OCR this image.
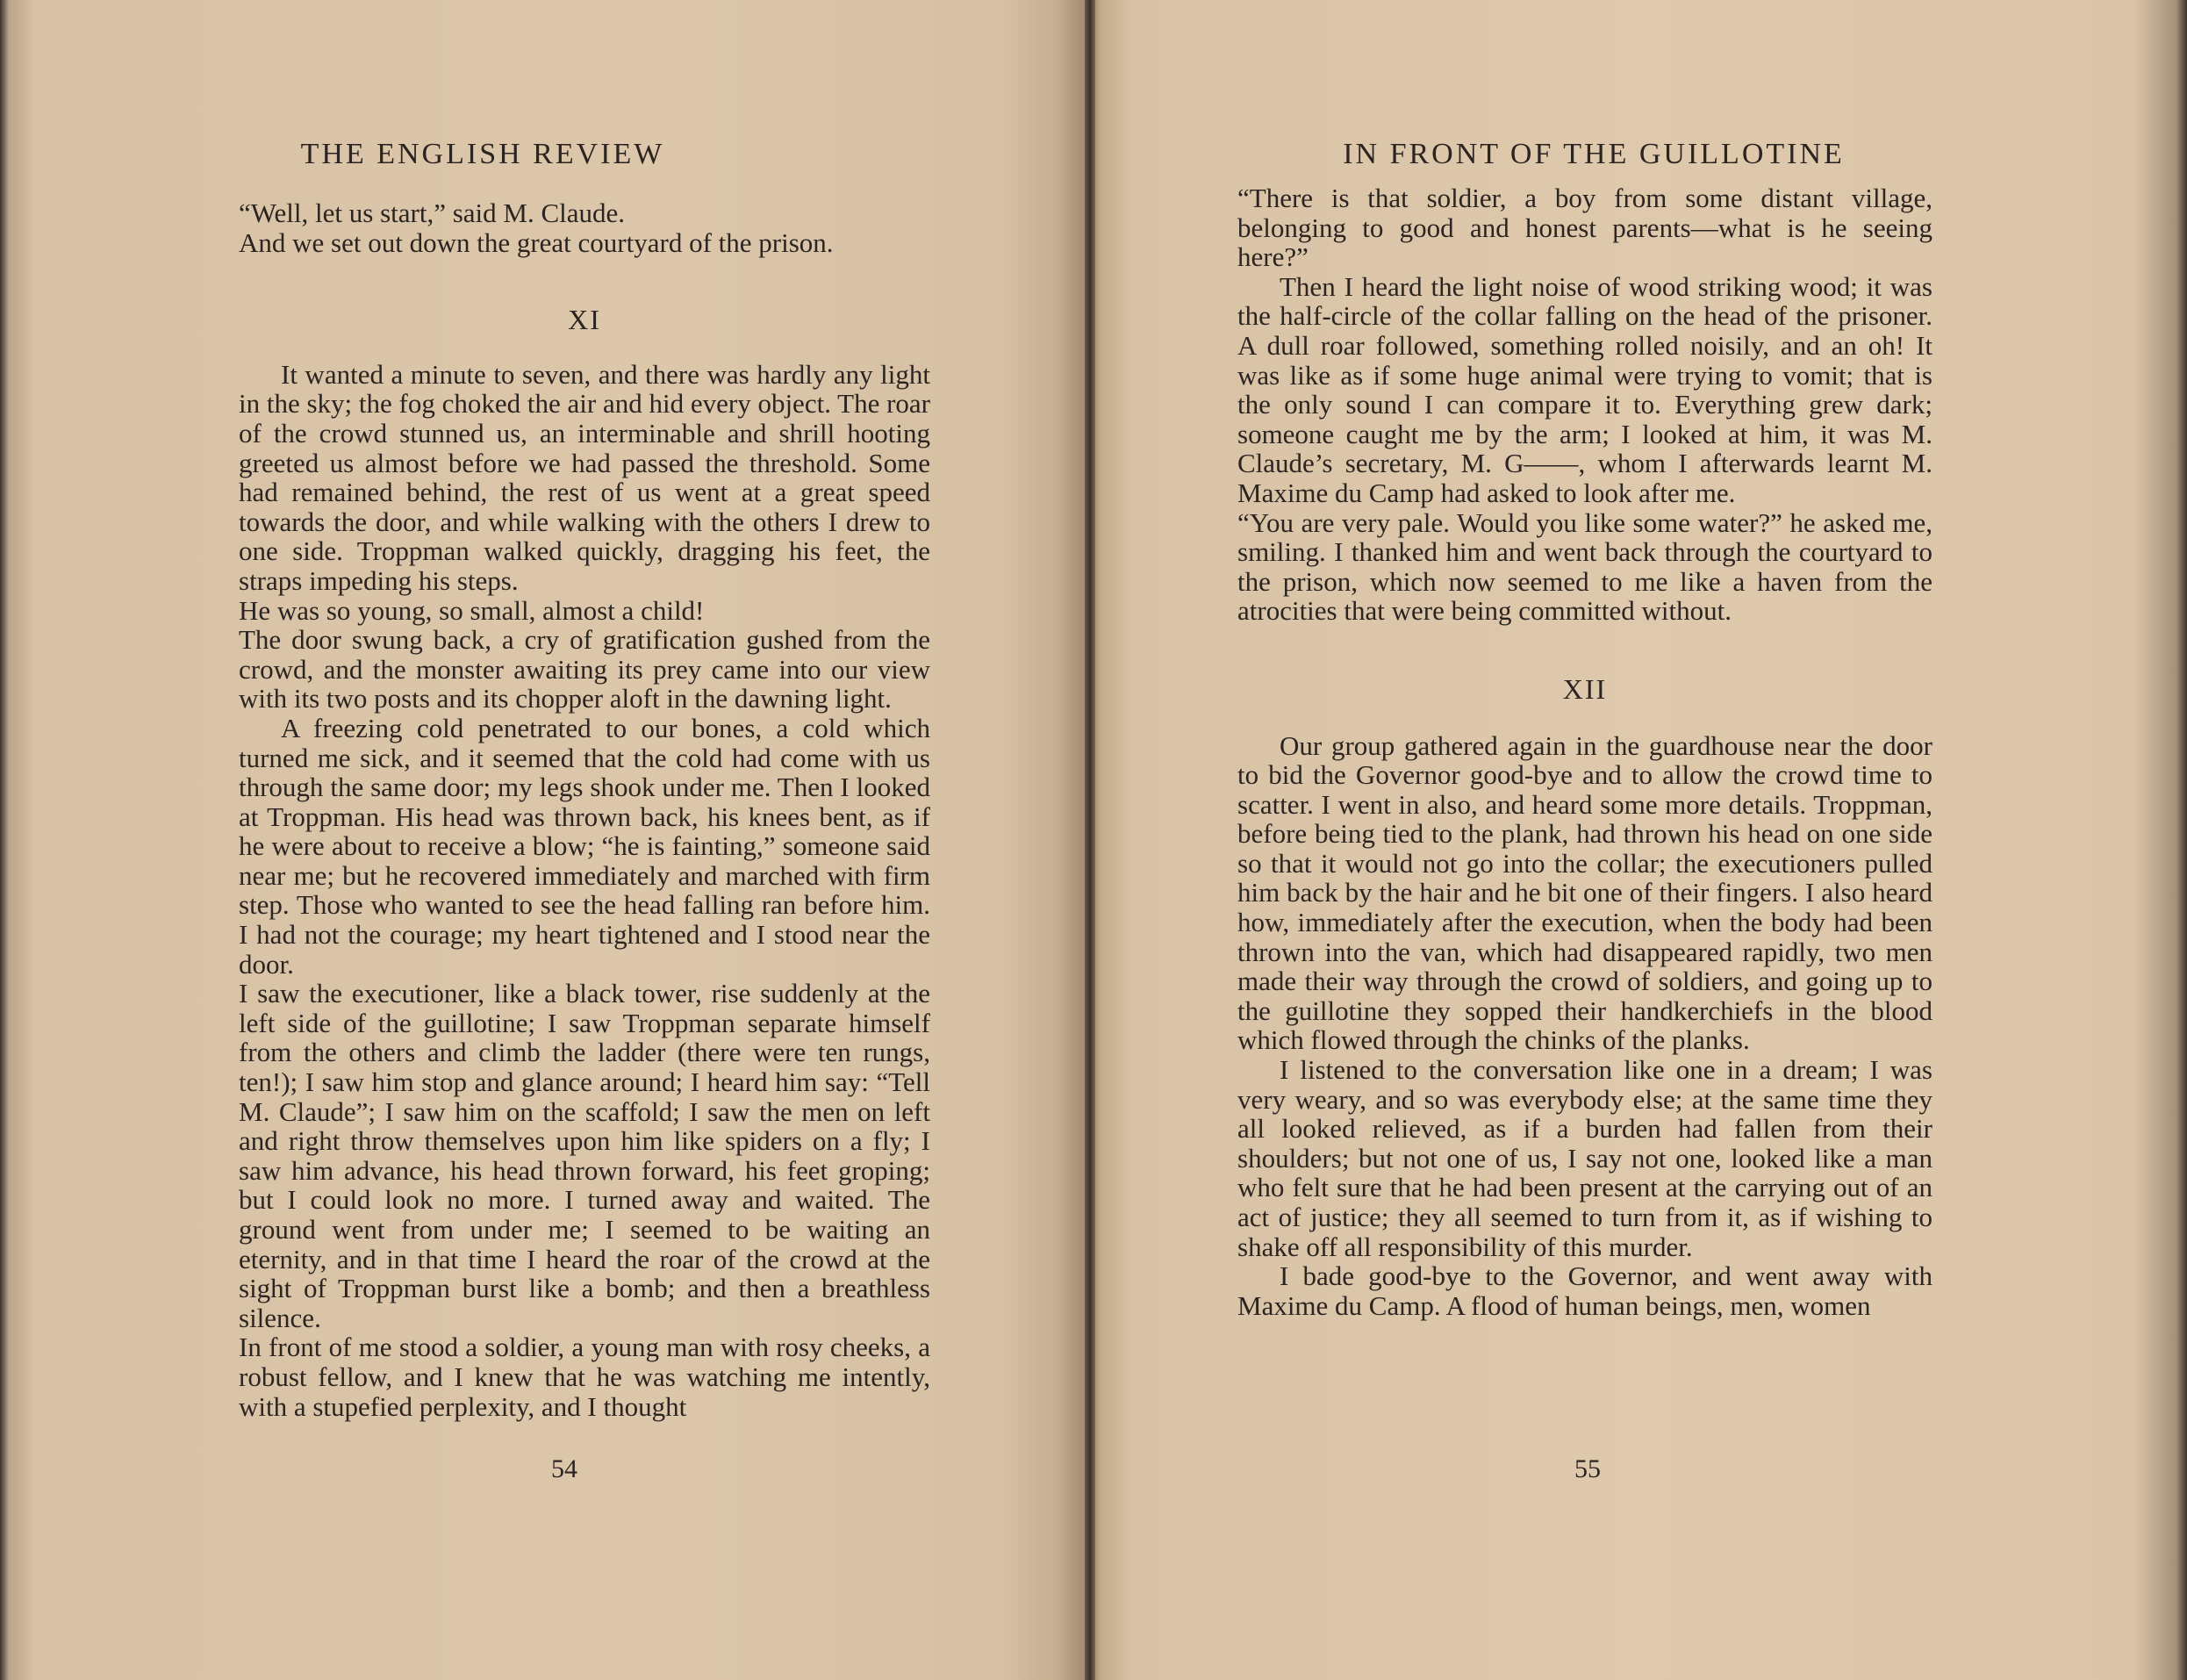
THE ENGLISH REVIEW

“Well, let us start,” said M. Claude.

And we set out down the great courtyard of the prison.

XI

It wanted a minute to seven, and there was hardly any light in the sky; the fog choked the air and hid every object. The roar of the crowd stunned us, an interminable and shrill hooting greeted us almost before we had passed the threshold. Some had remained behind, the rest of us went at a great speed towards the door, and while walking with the others I drew to one side. Troppman walked quickly, dragging his feet, the straps impeding his steps.

He was so young, so small, almost a child!

The door swung back, a cry of gratification gushed from the crowd, and the monster awaiting its prey came into our view with its two posts and its chopper aloft in the dawning light.

A freezing cold penetrated to our bones, a cold which turned me sick, and it seemed that the cold had come with us through the same door; my legs shook under me. Then I looked at Troppman. His head was thrown back, his knees bent, as if he were about to receive a blow; “he is fainting,” someone said near me; but he recovered immediately and marched with firm step. Those who wanted to see the head falling ran before him. I had not the courage; my heart tightened and I stood near the door.

I saw the executioner, like a black tower, rise suddenly at the left side of the guillotine; I saw Troppman separate himself from the others and climb the ladder (there were ten rungs, ten!); I saw him stop and glance around; I heard him say: “Tell M. Claude”; I saw him on the scaffold; I saw the men on left and right throw themselves upon him like spiders on a fly; I saw him advance, his head thrown forward, his feet groping; but I could look no more. I turned away and waited. The ground went from under me; I seemed to be waiting an eternity, and in that time I heard the roar of the crowd at the sight of Troppman burst like a bomb; and then a breathless silence.

In front of me stood a soldier, a young man with rosy cheeks, a robust fellow, and I knew that he was watching me intently, with a stupefied perplexity, and I thought

54
IN FRONT OF THE GUILLOTINE

“There is that soldier, a boy from some distant village, belonging to good and honest parents—what is he seeing here?”

Then I heard the light noise of wood striking wood; it was the half-circle of the collar falling on the head of the prisoner. A dull roar followed, something rolled noisily, and an oh! It was like as if some huge animal were trying to vomit; that is the only sound I can compare it to. Everything grew dark; someone caught me by the arm; I looked at him, it was M. Claude’s secretary, M. G——, whom I afterwards learnt M. Maxime du Camp had asked to look after me.

“You are very pale. Would you like some water?” he asked me, smiling. I thanked him and went back through the courtyard to the prison, which now seemed to me like a haven from the atrocities that were being committed without.

XII

Our group gathered again in the guardhouse near the door to bid the Governor good-bye and to allow the crowd time to scatter. I went in also, and heard some more details. Troppman, before being tied to the plank, had thrown his head on one side so that it would not go into the collar; the executioners pulled him back by the hair and he bit one of their fingers. I also heard how, immediately after the execution, when the body had been thrown into the van, which had disappeared rapidly, two men made their way through the crowd of soldiers, and going up to the guillotine they sopped their handkerchiefs in the blood which flowed through the chinks of the planks.

I listened to the conversation like one in a dream; I was very weary, and so was everybody else; at the same time they all looked relieved, as if a burden had fallen from their shoulders; but not one of us, I say not one, looked like a man who felt sure that he had been present at the carrying out of an act of justice; they all seemed to turn from it, as if wishing to shake off all responsibility of this murder.

I bade good-bye to the Governor, and went away with Maxime du Camp. A flood of human beings, men, women

55
